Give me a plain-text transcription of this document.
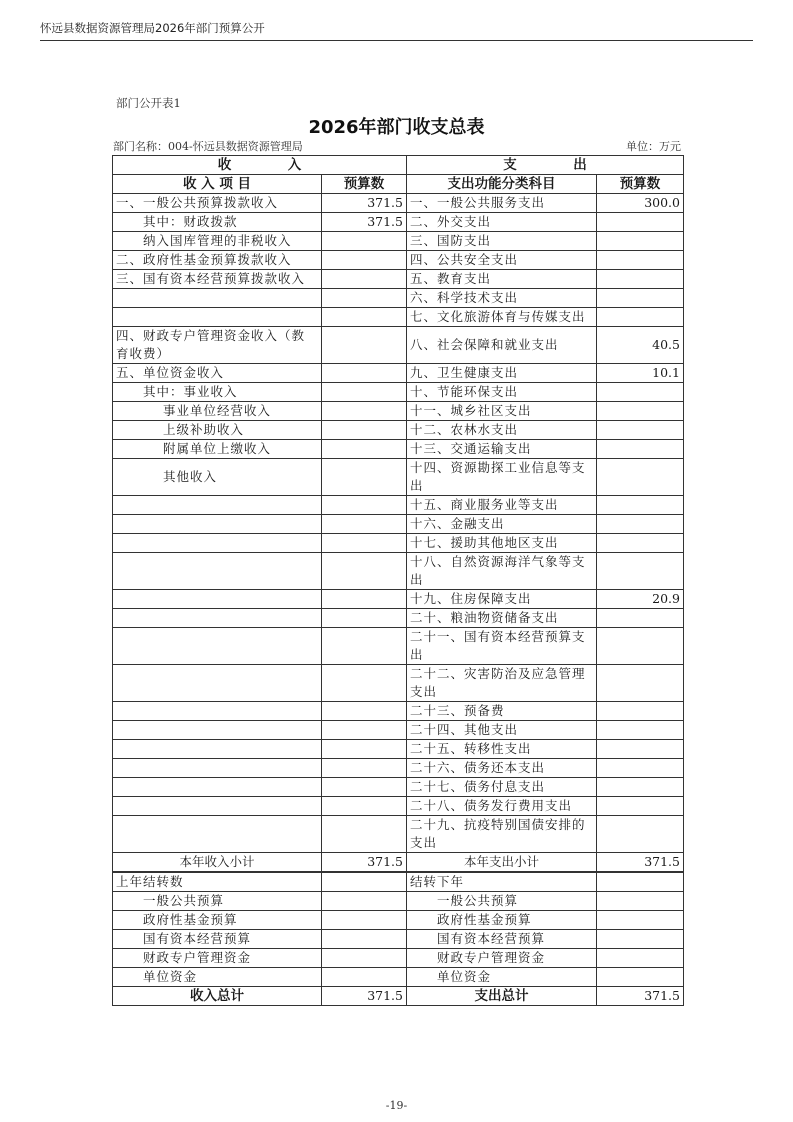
怀远县数据资源管理局2026年部门预算公开
部门公开表1
2026年部门收支总表
部门名称：004-怀远县数据资源管理局	单位：万元
收            入		支            出	
收 入 项 目	预算数	支出功能分类科目	预算数
一、一般公共预算拨款收入	371.5	一、一般公共服务支出	300.0
其中：财政拨款	371.5	二、外交支出	
纳入国库管理的非税收入		三、国防支出	
二、政府性基金预算拨款收入		四、公共安全支出	
三、国有资本经营预算拨款收入		五、教育支出	
		六、科学技术支出	
		七、文化旅游体育与传媒支出	
四、财政专户管理资金收入（教育收费）		八、社会保障和就业支出	40.5
五、单位资金收入		九、卫生健康支出	10.1
其中：事业收入		十、节能环保支出	
事业单位经营收入		十一、城乡社区支出	
上级补助收入		十二、农林水支出	
附属单位上缴收入		十三、交通运输支出	
其他收入		十四、资源勘探工业信息等支出	
		十五、商业服务业等支出	
		十六、金融支出	
		十七、援助其他地区支出	
		十八、自然资源海洋气象等支出	
		十九、住房保障支出	20.9
		二十、粮油物资储备支出	
		二十一、国有资本经营预算支出	
		二十二、灾害防治及应急管理支出	
		二十三、预备费	
		二十四、其他支出	
		二十五、转移性支出	
		二十六、债务还本支出	
		二十七、债务付息支出	
		二十八、债务发行费用支出	
		二十九、抗疫特别国债安排的支出	
本年收入小计	371.5	本年支出小计	371.5

上年结转数		结转下年	
一般公共预算		一般公共预算	
政府性基金预算		政府性基金预算	
国有资本经营预算		国有资本经营预算	
财政专户管理资金		财政专户管理资金	
单位资金		单位资金	
收入总计	371.5	支出总计	371.5
-19-
